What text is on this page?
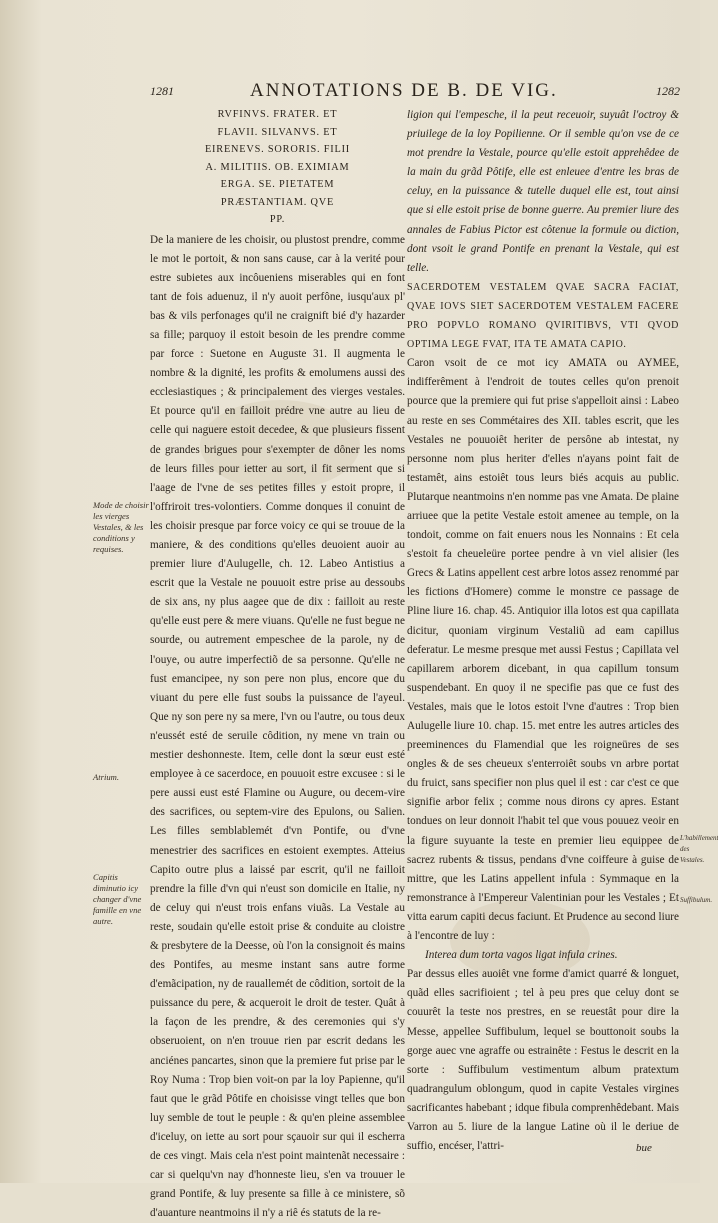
1281	ANNOTATIONS DE B. DE VIG.	1282
RVFINVS. FRATER. ET
FLAVII. SILVANVS. ET
EIRENEVS. SORORIS. FILII
A. MILITIIS. OB. EXIMIAM
ERGA. SE. PIETATEM
PRÆSTANTIAM. QVE
PP.

De la maniere de les choisir, ou plustost prendre, comme le mot le portoit, & non sans cause, car à la verité pour estre subietes aux incôueniens miserables qui en font tant de fois aduenuz, il n'y auoit perfône, iusqu'aux pl' bas & vils perfonages qu'il ne craignift bié d'y hazarder sa fille; parquoy il estoit besoin de les prendre comme par force : Suetone en Auguste 31. Il augmenta le nombre & la dignité, les profits & emolumens aussi des ecclesiastiques ; & principalement des vierges vestales. Et pource qu'il en failloit prédre vne autre au lieu de celle qui naguere estoit decedee, & que plusieurs fissent de grandes brigues pour s'exempter de dôner les noms de leurs filles pour ietter au sort, il fit serment que si l'aage de l'vne de ses petites filles y estoit propre, il l'offriroit tres-volontiers. Comme donques il conuint de les choisir presque par force voicy ce qui se trouue de la maniere, & des conditions qu'elles deuoient auoir au premier liure d'Aulugelle, ch. 12. Labeo Antistius a escrit que la Vestale ne pouuoit estre prise au dessoubs de six ans, ny plus aagee que de dix : failloit au reste qu'elle eust pere & mere viuans. Qu'elle ne fust begue ne sourde, ou autrement empeschee de la parole, ny de l'ouye, ou autre imperfectiõ de sa personne. Qu'elle ne fust emancipee, ny son pere non plus, encore que du viuant du pere elle fust soubs la puissance de l'ayeul. Que ny son pere ny sa mere, l'vn ou l'autre, ou tous deux n'eussét esté de seruile côdition, ny mene vn train ou mestier deshonneste. Item, celle dont la sœur eust esté employee à ce sacerdoce, en pouuoit estre excusee : si le pere aussi eust esté Flamine ou Augure, ou decem-vire des sacrifices, ou septem-vire des Epulons, ou Salien. Les filles semblablemét d'vn Pontife, ou d'vne menestrier des sacrifices en estoient exemptes. Atteius Capito outre plus a laissé par escrit, qu'il ne failloit prendre la fille d'vn qui n'eust son domicile en Italie, ny de celuy qui n'eust trois enfans viuãs. La Vestale au reste, soudain qu'elle estoit prise & conduite au cloistre & presbytere de la Deesse, où l'on la consignoit és mains des Pontifes, au mesme instant sans autre forme d'emãcipation, ny de rauallemét de côdition, sortoit de la puissance du pere, & acqueroit le droit de tester. Quât à la façon de les prendre, & des ceremonies qui s'y obseruoient, on n'en trouue rien par escrit dedans les anciénes pancartes, sinon que la premiere fut prise par le Roy Numa : Trop bien voit-on par la loy Papienne, qu'il faut que le grãd Pôtife en choisisse vingt telles que bon luy semble de tout le peuple : & qu'en pleine assemblee d'iceluy, on iette au sort pour sçauoir sur qui il escherra de ces vingt. Mais cela n'est point maintenãt necessaire : car si quelqu'vn nay d'honneste lieu, s'en va trouuer le grand Pontife, & luy presente sa fille à ce ministere, sõ d'auanture neantmoins il n'y a riê és statuts de la re-

ligion qui l'empesche, il la peut receuoir, suyuât l'octroy & priuilege de la loy Popilienne. Or il semble qu'on vse de ce mot prendre la Vestale, pource qu'elle estoit apprehêdee de la main du grãd Pôtife, elle est enleuee d'entre les bras de celuy, en la puissance & tutelle duquel elle est, tout ainsi que si elle estoit prise de bonne guerre. Au premier liure des annales de Fabius Pictor est côtenue la formule ou diction, dont vsoit le grand Pontife en prenant la Vestale, qui est telle.

SACERDOTEM VESTALEM QVAE SACRA FACIAT, QVAE IOVS SIET SACERDOTEM VESTALEM FACERE PRO POPVLO ROMANO QVIRITIBVS, VTI QVOD OPTIMA LEGE FVAT, ITA TE AMATA CAPIO.

Caron vsoit de ce mot icy AMATA ou AYMEE, indifferêment à l'endroit de toutes celles qu'on prenoit pource que la premiere qui fut prise s'appelloit ainsi : Labeo au reste en ses Commétaires des XII. tables escrit, que les Vestales ne pouuoiêt heriter de persône ab intestat, ny personne nom plus heriter d'elles n'ayans point fait de testamêt, ains estoiêt tous leurs biés acquis au public. Plutarque neantmoins n'en nomme pas vne Amata. De plaine arriuee que la petite Vestale estoit amenee au temple, on la tondoit, comme on fait enuers nous les Nonnains : Et cela s'estoit fa cheueleüre portee pendre à vn viel alisier (les Grecs & Latins appellent cest arbre lotos assez renommé par les fictions d'Homere) comme le monstre ce passage de Pline liure 16. chap. 45. Antiquior illa lotos est qua capillata dicitur, quoniam virginum Vestaliũ ad eam capillus deferatur. Le mesme presque met aussi Festus ; Capillata vel capillarem arborem dicebant, in qua capillum tonsum suspendebant. En quoy il ne specifie pas que ce fust des Vestales, mais que le lotos estoit l'vne d'autres : Trop bien Aulugelle liure 10. chap. 15. met entre les autres articles des preeminences du Flamendial que les roigneüres de ses ongles & de ses cheueux s'enterroiêt soubs vn arbre portat du fruict, sans specifier non plus quel il est : car c'est ce que signifie arbor felix ; comme nous dirons cy apres. Estant tondues on leur donnoit l'habit tel que vous pouuez veoir en la figure suyuante la teste en premier lieu equippee de sacrez rubents & tissus, pendans d'vne coiffeure à guise de mittre, que les Latins appellent infula : Symmaque en la remonstrance à l'Empereur Valentinian pour les Vestales ; Et vitta earum capiti decus faciunt. Et Prudence au second liure à l'encontre de luy :

Interea dum torta vagos ligat infula crines.

Par dessus elles auoiêt vne forme d'amict quarré & longuet, quãd elles sacrifioient ; tel à peu pres que celuy dont se couurêt la teste nos prestres, en se reuestât pour dire la Messe, appellee Suffibulum, lequel se bouttonoit soubs la gorge auec vne agraffe ou estrainête : Festus le descrit en la sorte : Suffibulum vestimentum album pratextum quadrangulum oblongum, quod in capite Vestales virgines sacrificantes habebant ; idque fibula comprenhêdebant. Mais Varron au 5. liure de la langue Latine où il le deriue de suffio, encéser, l'attri-

Mode de choisir les vierges Vestales, & les conditions y requises.
Atrium.
Capitis diminutio icy changer d'vne famille en vne autre.
L'habillement des Vestales.
Suffibulum.
bue
